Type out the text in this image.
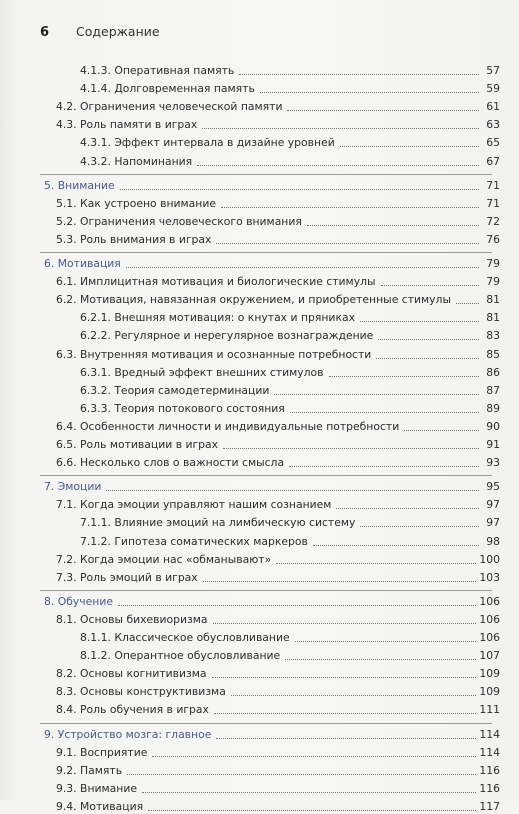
6	Содержание
4.1.3. Оперативная память	57
4.1.4. Долговременная память	59
4.2. Ограничения человеческой памяти	61
4.3. Роль памяти в играх	63
4.3.1. Эффект интервала в дизайне уровней	65
4.3.2. Напоминания	67
5. Внимание	71
5.1. Как устроено внимание	71
5.2. Ограничения человеческого внимания	72
5.3. Роль внимания в играх	76
6. Мотивация	79
6.1. Имплицитная мотивация и биологические стимулы	79
6.2. Мотивация, навязанная окружением, и приобретенные стимулы	81
6.2.1. Внешняя мотивация: о кнутах и пряниках	81
6.2.2. Регулярное и нерегулярное вознаграждение	83
6.3. Внутренняя мотивация и осознанные потребности	85
6.3.1. Вредный эффект внешних стимулов	86
6.3.2. Теория самодетерминации	87
6.3.3. Теория потокового состояния	89
6.4. Особенности личности и индивидуальные потребности	90
6.5. Роль мотивации в играх	91
6.6. Несколько слов о важности смысла	93
7. Эмоции	95
7.1. Когда эмоции управляют нашим сознанием	97
7.1.1. Влияние эмоций на лимбическую систему	97
7.1.2. Гипотеза соматических маркеров	98
7.2. Когда эмоции нас «обманывают»	100
7.3. Роль эмоций в играх	103
8. Обучение	106
8.1. Основы бихевиоризма	106
8.1.1. Классическое обусловливание	106
8.1.2. Оперантное обусловливание	107
8.2. Основы когнитивизма	109
8.3. Основы конструктивизма	109
8.4. Роль обучения в играх	111
9. Устройство мозга: главное	114
9.1. Восприятие	114
9.2. Память	116
9.3. Внимание	116
9.4. Мотивация	117
